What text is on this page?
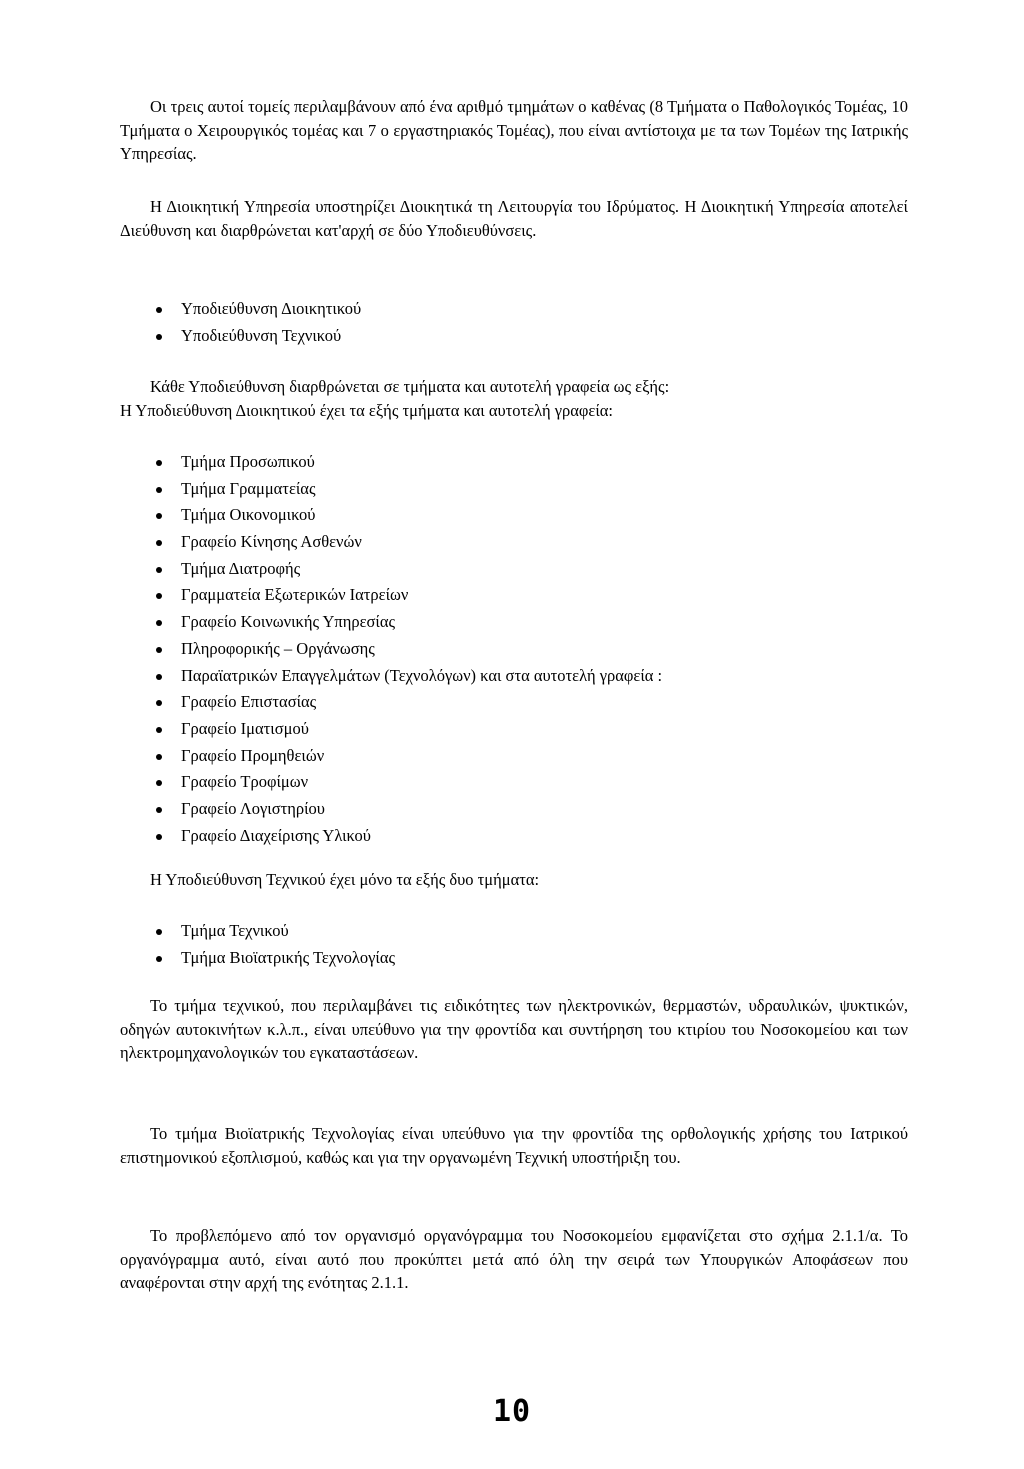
Οι τρεις αυτοί τομείς περιλαμβάνουν από ένα αριθμό τμημάτων ο καθένας (8 Τμήματα ο Παθολογικός Τομέας, 10 Τμήματα ο Χειρουργικός τομέας και 7 ο εργαστηριακός Τομέας), που είναι αντίστοιχα με τα των Τομέων της Ιατρικής Υπηρεσίας.

Η Διοικητική Υπηρεσία υποστηρίζει Διοικητικά τη Λειτουργία του Ιδρύματος. Η Διοικητική Υπηρεσία αποτελεί Διεύθυνση και διαρθρώνεται κατ'αρχή σε δύο Υποδιευθύνσεις.

Υποδιεύθυνση Διοικητικού
Υποδιεύθυνση Τεχνικού

Κάθε Υποδιεύθυνση διαρθρώνεται σε τμήματα και αυτοτελή γραφεία ως εξής:
Η Υποδιεύθυνση Διοικητικού έχει τα εξής τμήματα και αυτοτελή γραφεία:

Τμήμα Προσωπικού
Τμήμα Γραμματείας
Τμήμα Οικονομικού
Γραφείο Κίνησης Ασθενών
Τμήμα Διατροφής
Γραμματεία Εξωτερικών Ιατρείων
Γραφείο Κοινωνικής Υπηρεσίας
Πληροφορικής – Οργάνωσης
Παραϊατρικών Επαγγελμάτων (Τεχνολόγων) και στα αυτοτελή γραφεία :
Γραφείο Επιστασίας
Γραφείο Ιματισμού
Γραφείο Προμηθειών
Γραφείο Τροφίμων
Γραφείο Λογιστηρίου
Γραφείο Διαχείρισης Υλικού

Η Υποδιεύθυνση Τεχνικού έχει μόνο τα εξής δυο τμήματα:

Τμήμα Τεχνικού
Τμήμα Βιοϊατρικής Τεχνολογίας

Το τμήμα τεχνικού, που περιλαμβάνει τις ειδικότητες των ηλεκτρονικών, θερμαστών, υδραυλικών, ψυκτικών, οδηγών αυτοκινήτων κ.λ.π., είναι υπεύθυνο για την φροντίδα και συντήρηση του κτιρίου του Νοσοκομείου και των ηλεκτρομηχανολογικών του εγκαταστάσεων.

Το τμήμα Βιοϊατρικής Τεχνολογίας είναι υπεύθυνο για την φροντίδα της ορθολογικής χρήσης του Ιατρικού επιστημονικού εξοπλισμού, καθώς και για την οργανωμένη Τεχνική υποστήριξη του.

Το προβλεπόμενο από τον οργανισμό οργανόγραμμα του Νοσοκομείου εμφανίζεται στο σχήμα 2.1.1/α. Το οργανόγραμμα αυτό, είναι αυτό που προκύπτει μετά από όλη την σειρά των Υπουργικών Αποφάσεων που αναφέρονται στην αρχή της ενότητας 2.1.1.

10
